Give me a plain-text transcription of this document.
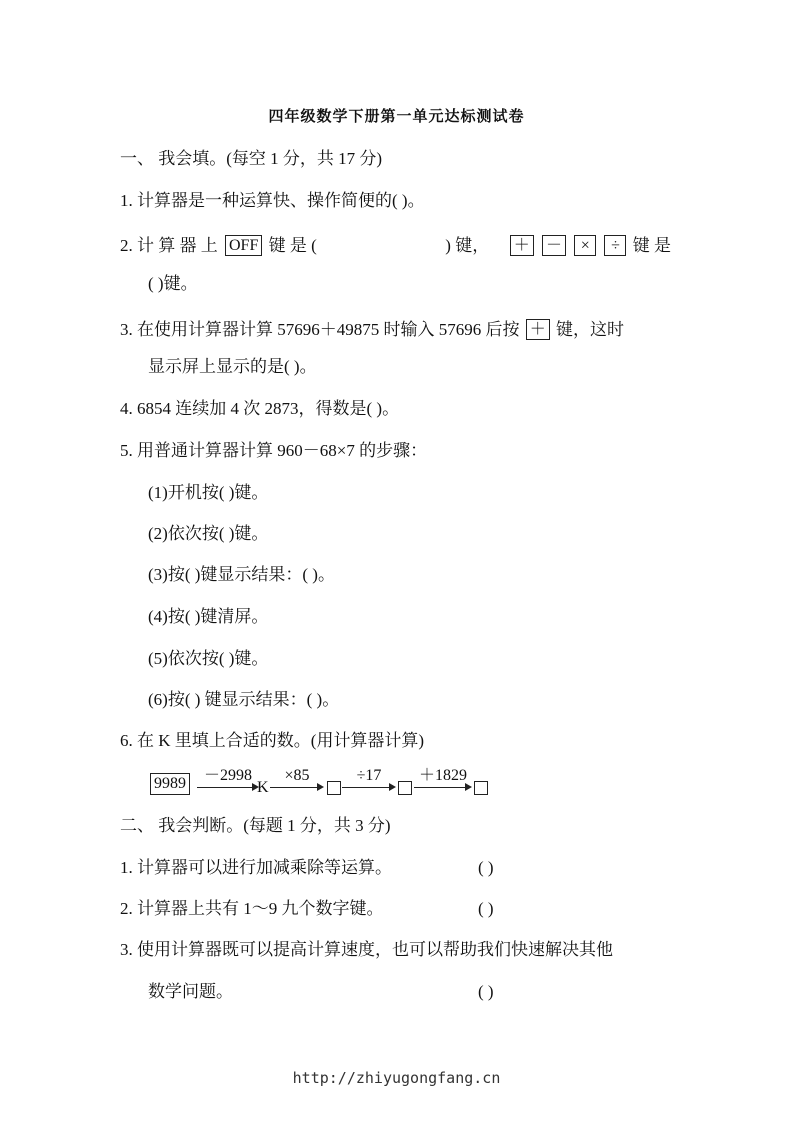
四年级数学下册第一单元达标测试卷
一、 我会填。(每空 1 分，共 17 分)
1. 计算器是一种运算快、操作简便的( )。
2. 计 算 器 上 OFF 键 是 (	) 键， ＋ － × ÷ 键 是
( )键。
3. 在使用计算器计算 57696＋49875 时输入 57696 后按 ＋ 键，这时
显示屏上显示的是( )。
4. 6854 连续加 4 次 2873，得数是( )。
5. 用普通计算器计算 960－68×7 的步骤：
(1)开机按( )键。
(2)依次按( )键。
(3)按( )键显示结果：( )。
(4)按( )键清屏。
(5)依次按( )键。
(6)按( ) 键显示结果：( )。
6. 在 K 里填上合适的数。(用计算器计算)
9989	－2998
K
×85	÷17	＋1829
二、 我会判断。(每题 1 分，共 3 分)
1. 计算器可以进行加减乘除等运算。	( )
2. 计算器上共有 1～9 九个数字键。	( )
3. 使用计算器既可以提高计算速度，也可以帮助我们快速解决其他
数学问题。	( )
http://zhiyugongfang.cn
